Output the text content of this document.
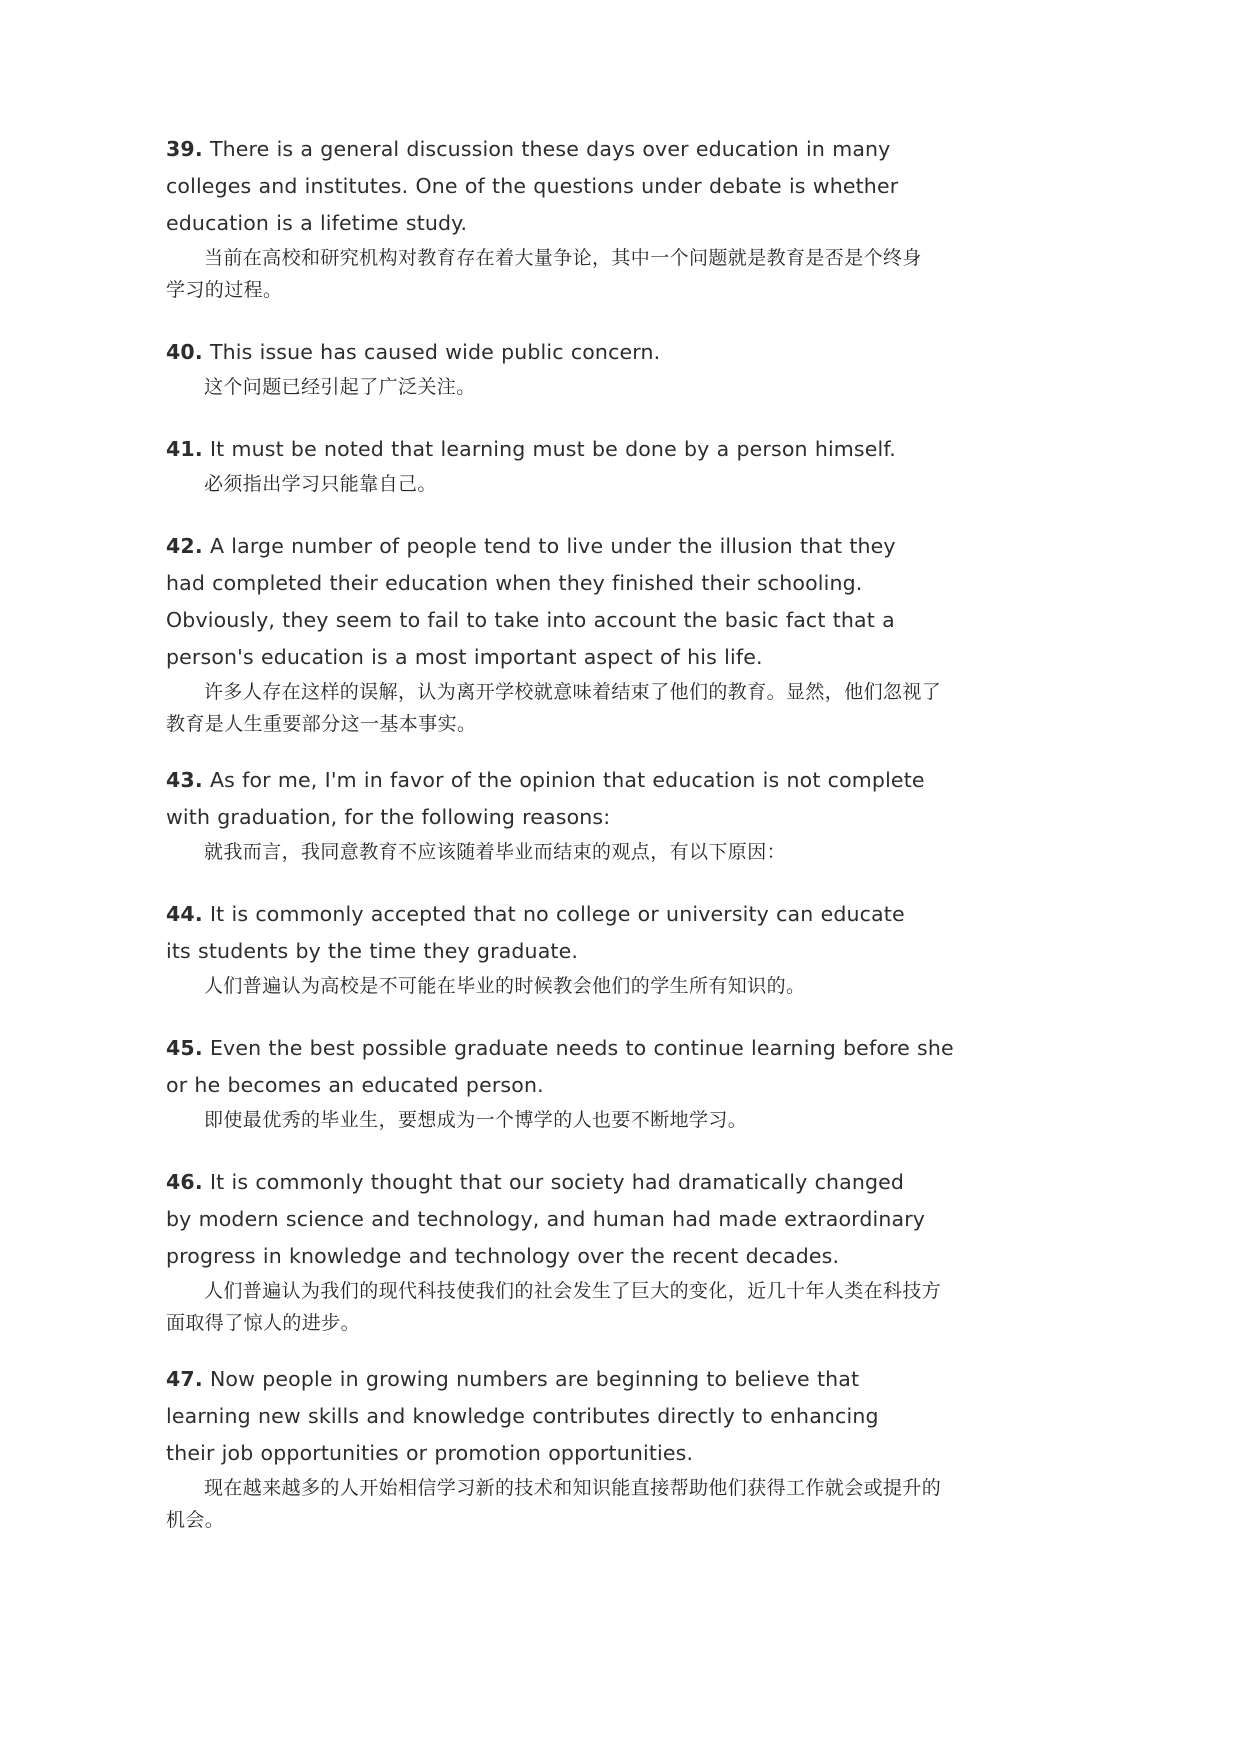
39. There is a general discussion these days over education in many colleges and institutes. One of the questions under debate is whether education is a lifetime study.

当前在高校和研究机构对教育存在着大量争论，其中一个问题就是教育是否是个终身学习的过程。

40. This issue has caused wide public concern.

这个问题已经引起了广泛关注。

41. It must be noted that learning must be done by a person himself.

必须指出学习只能靠自己。

42. A large number of people tend to live under the illusion that they had completed their education when they finished their schooling. Obviously, they seem to fail to take into account the basic fact that a person's education is a most important aspect of his life.

许多人存在这样的误解，认为离开学校就意味着结束了他们的教育。显然，他们忽视了教育是人生重要部分这一基本事实。

43. As for me, I'm in favor of the opinion that education is not complete with graduation, for the following reasons:

就我而言，我同意教育不应该随着毕业而结束的观点，有以下原因：

44. It is commonly accepted that no college or university can educate its students by the time they graduate.

人们普遍认为高校是不可能在毕业的时候教会他们的学生所有知识的。

45. Even the best possible graduate needs to continue learning before she or he becomes an educated person.

即使最优秀的毕业生，要想成为一个博学的人也要不断地学习。

46. It is commonly thought that our society had dramatically changed by modern science and technology, and human had made extraordinary progress in knowledge and technology over the recent decades.

人们普遍认为我们的现代科技使我们的社会发生了巨大的变化，近几十年人类在科技方面取得了惊人的进步。

47. Now people in growing numbers are beginning to believe that learning new skills and knowledge contributes directly to enhancing their job opportunities or promotion opportunities.

现在越来越多的人开始相信学习新的技术和知识能直接帮助他们获得工作就会或提升的机会。
